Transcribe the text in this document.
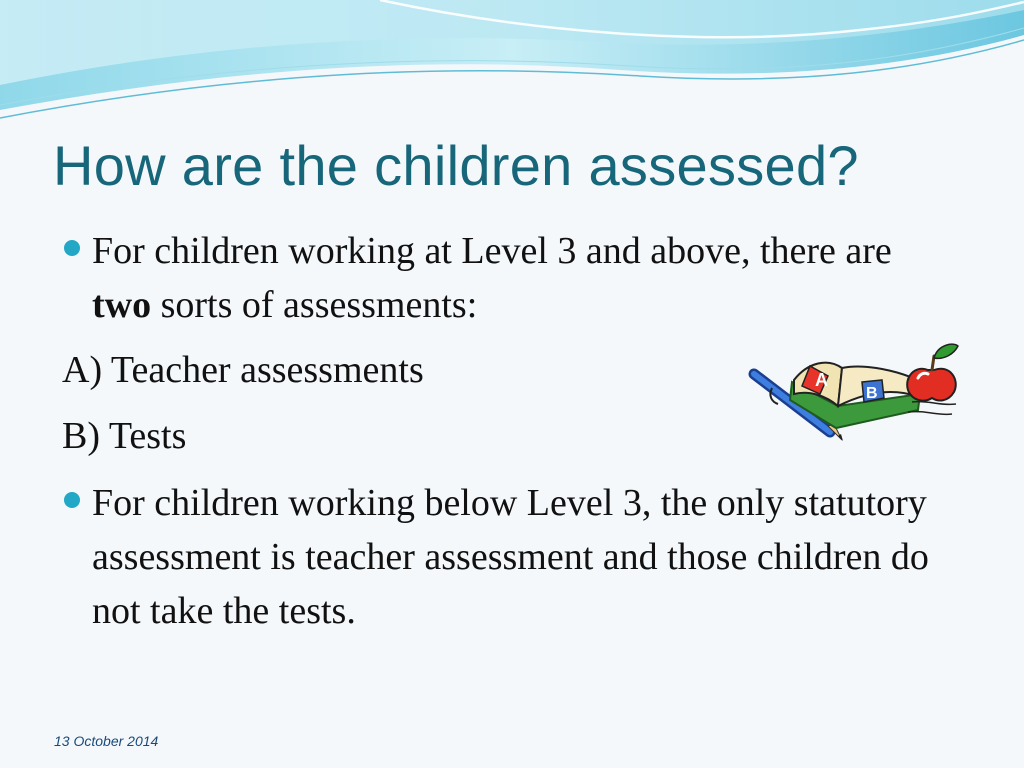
How are the children assessed?
For children working at Level 3 and above, there are two sorts of assessments:
A) Teacher assessments
B) Tests
For children working below Level 3, the only statutory assessment is teacher assessment and those children do not take the tests.
A
B
13 October 2014
